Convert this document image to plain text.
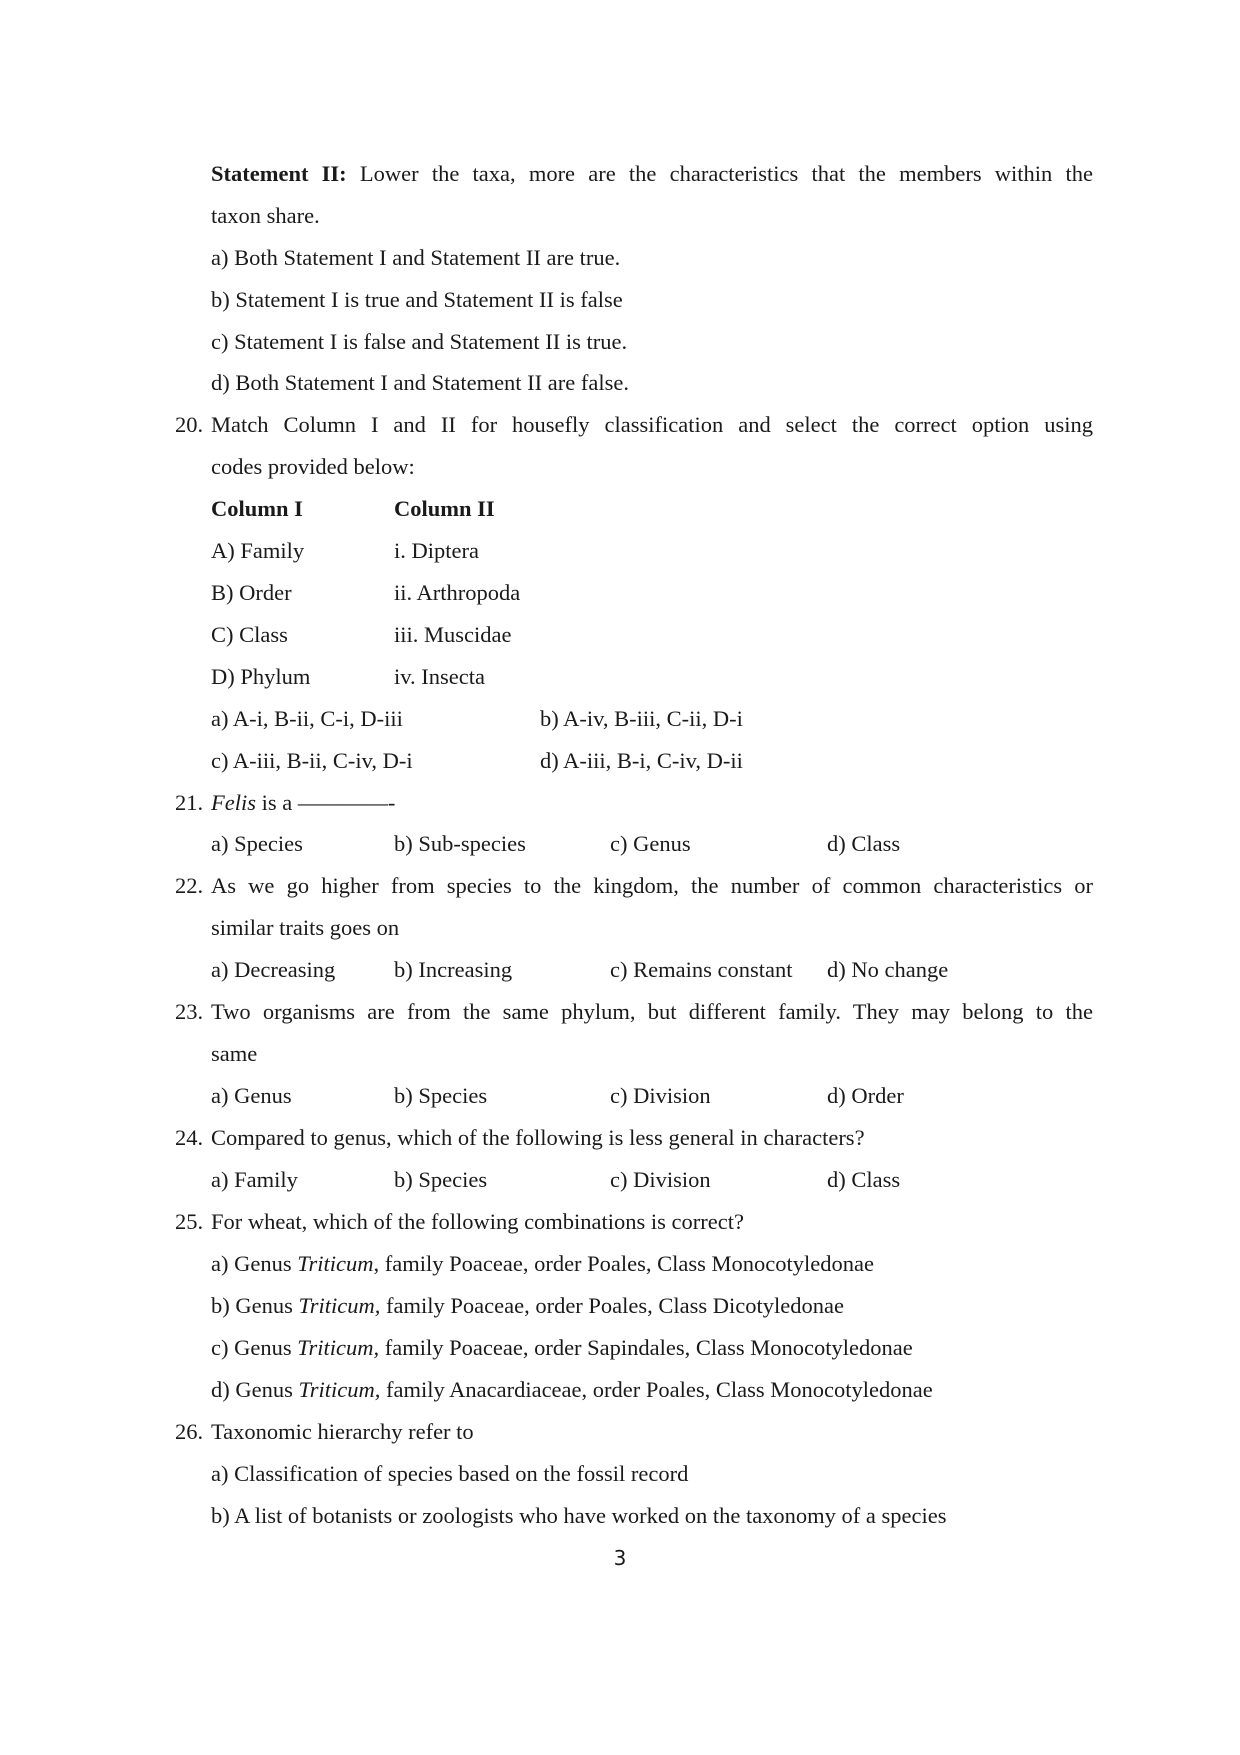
Statement II: Lower the taxa, more are the characteristics that the members within the
taxon share.
a) Both Statement I and Statement II are true.
b) Statement I is true and Statement II is false
c) Statement I is false and Statement II is true.
d) Both Statement I and Statement II are false.
20. Match Column I and II for housefly classification and select the correct option using
codes provided below:
Column I	Column II
A) Family	i. Diptera
B) Order	ii. Arthropoda
C) Class	iii. Muscidae
D) Phylum	iv. Insecta
a) A-i, B-ii, C-i, D-iii	b) A-iv, B-iii, C-ii, D-i
c) A-iii, B-ii, C-iv, D-i	d) A-iii, B-i, C-iv, D-ii
21. Felis is a ————-
a) Species	b) Sub-species	c) Genus	d) Class
22. As we go higher from species to the kingdom, the number of common characteristics or
similar traits goes on
a) Decreasing	b) Increasing	c) Remains constant d) No change
23. Two organisms are from the same phylum, but different family. They may belong to the
same
a) Genus	b) Species	c) Division	d) Order
24. Compared to genus, which of the following is less general in characters?
a) Family	b) Species	c) Division	d) Class
25. For wheat, which of the following combinations is correct?
a) Genus Triticum, family Poaceae, order Poales, Class Monocotyledonae
b) Genus Triticum, family Poaceae, order Poales, Class Dicotyledonae
c) Genus Triticum, family Poaceae, order Sapindales, Class Monocotyledonae
d) Genus Triticum, family Anacardiaceae, order Poales, Class Monocotyledonae
26. Taxonomic hierarchy refer to
a) Classification of species based on the fossil record
b) A list of botanists or zoologists who have worked on the taxonomy of a species
3
